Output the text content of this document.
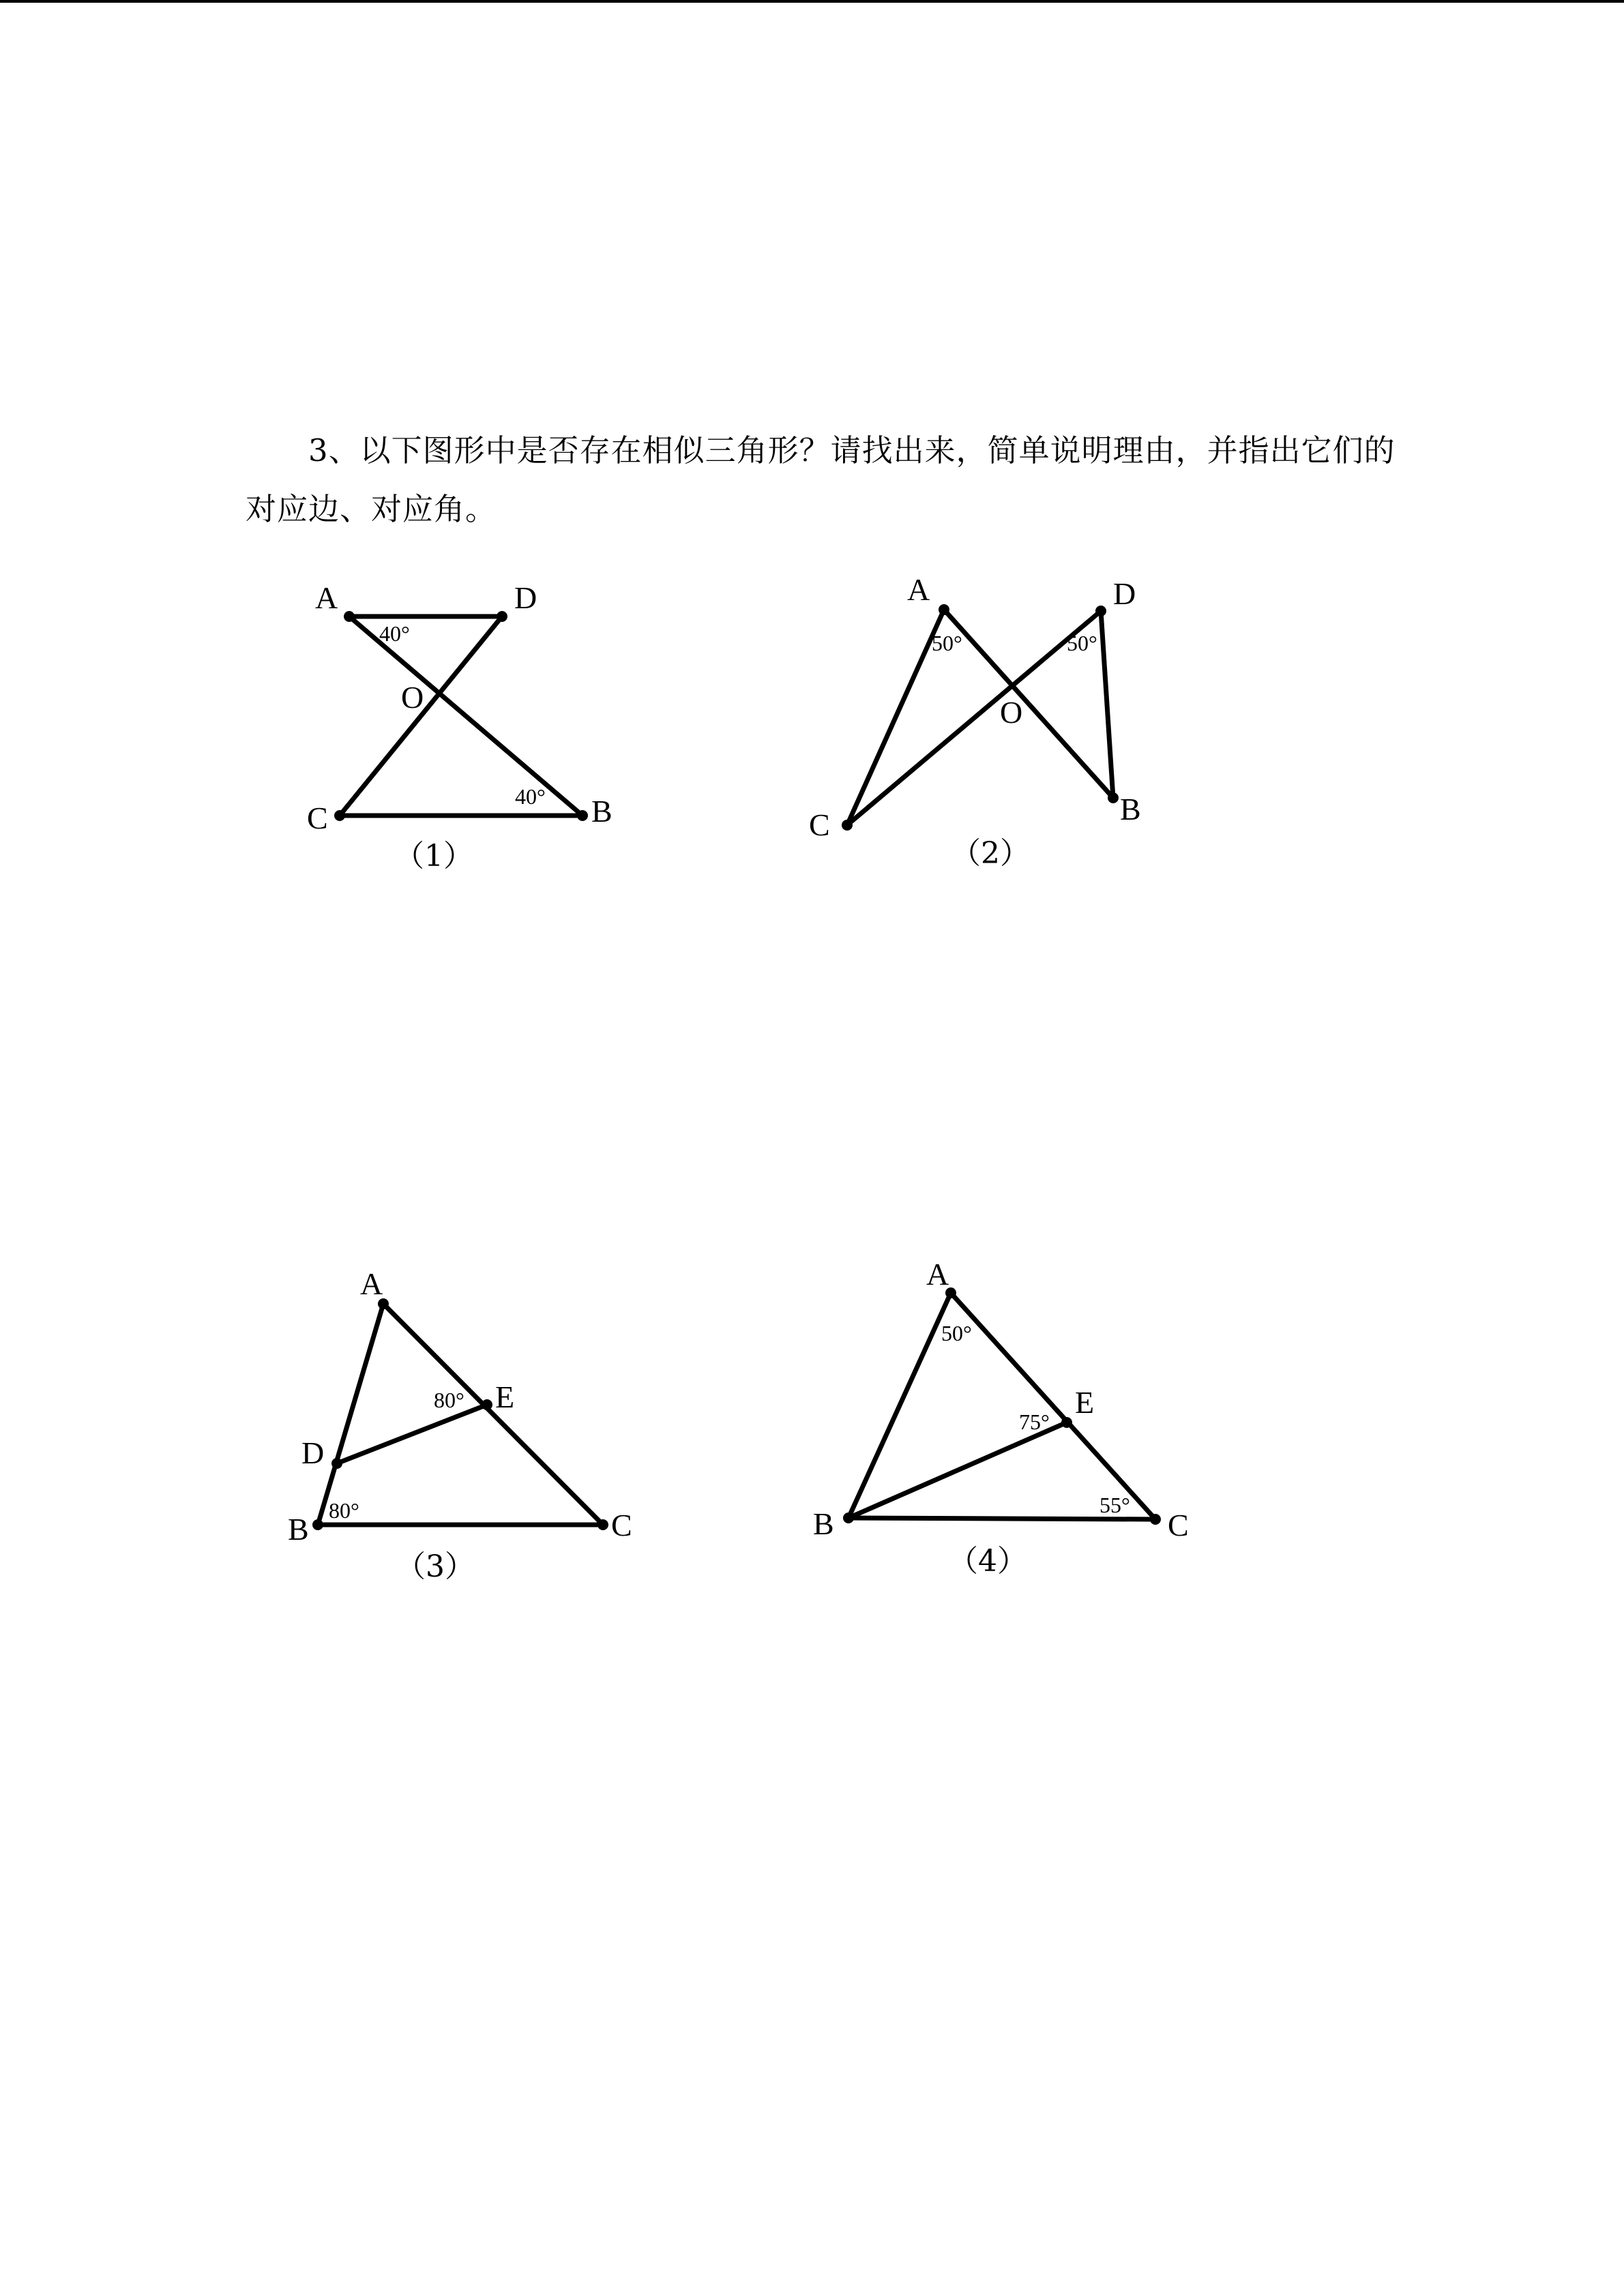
3、以下图形中是否存在相似三角形？请找出来，简单说明理由，并指出它们的对应边、对应角。
A	D
O
C	B
40°
40°
（1）
A	D
O
C	B
50°	50°
（2）
A
E
D
B	C
80°
80°
（3）
A
E
B	C
50°
75°
55°
（4）
